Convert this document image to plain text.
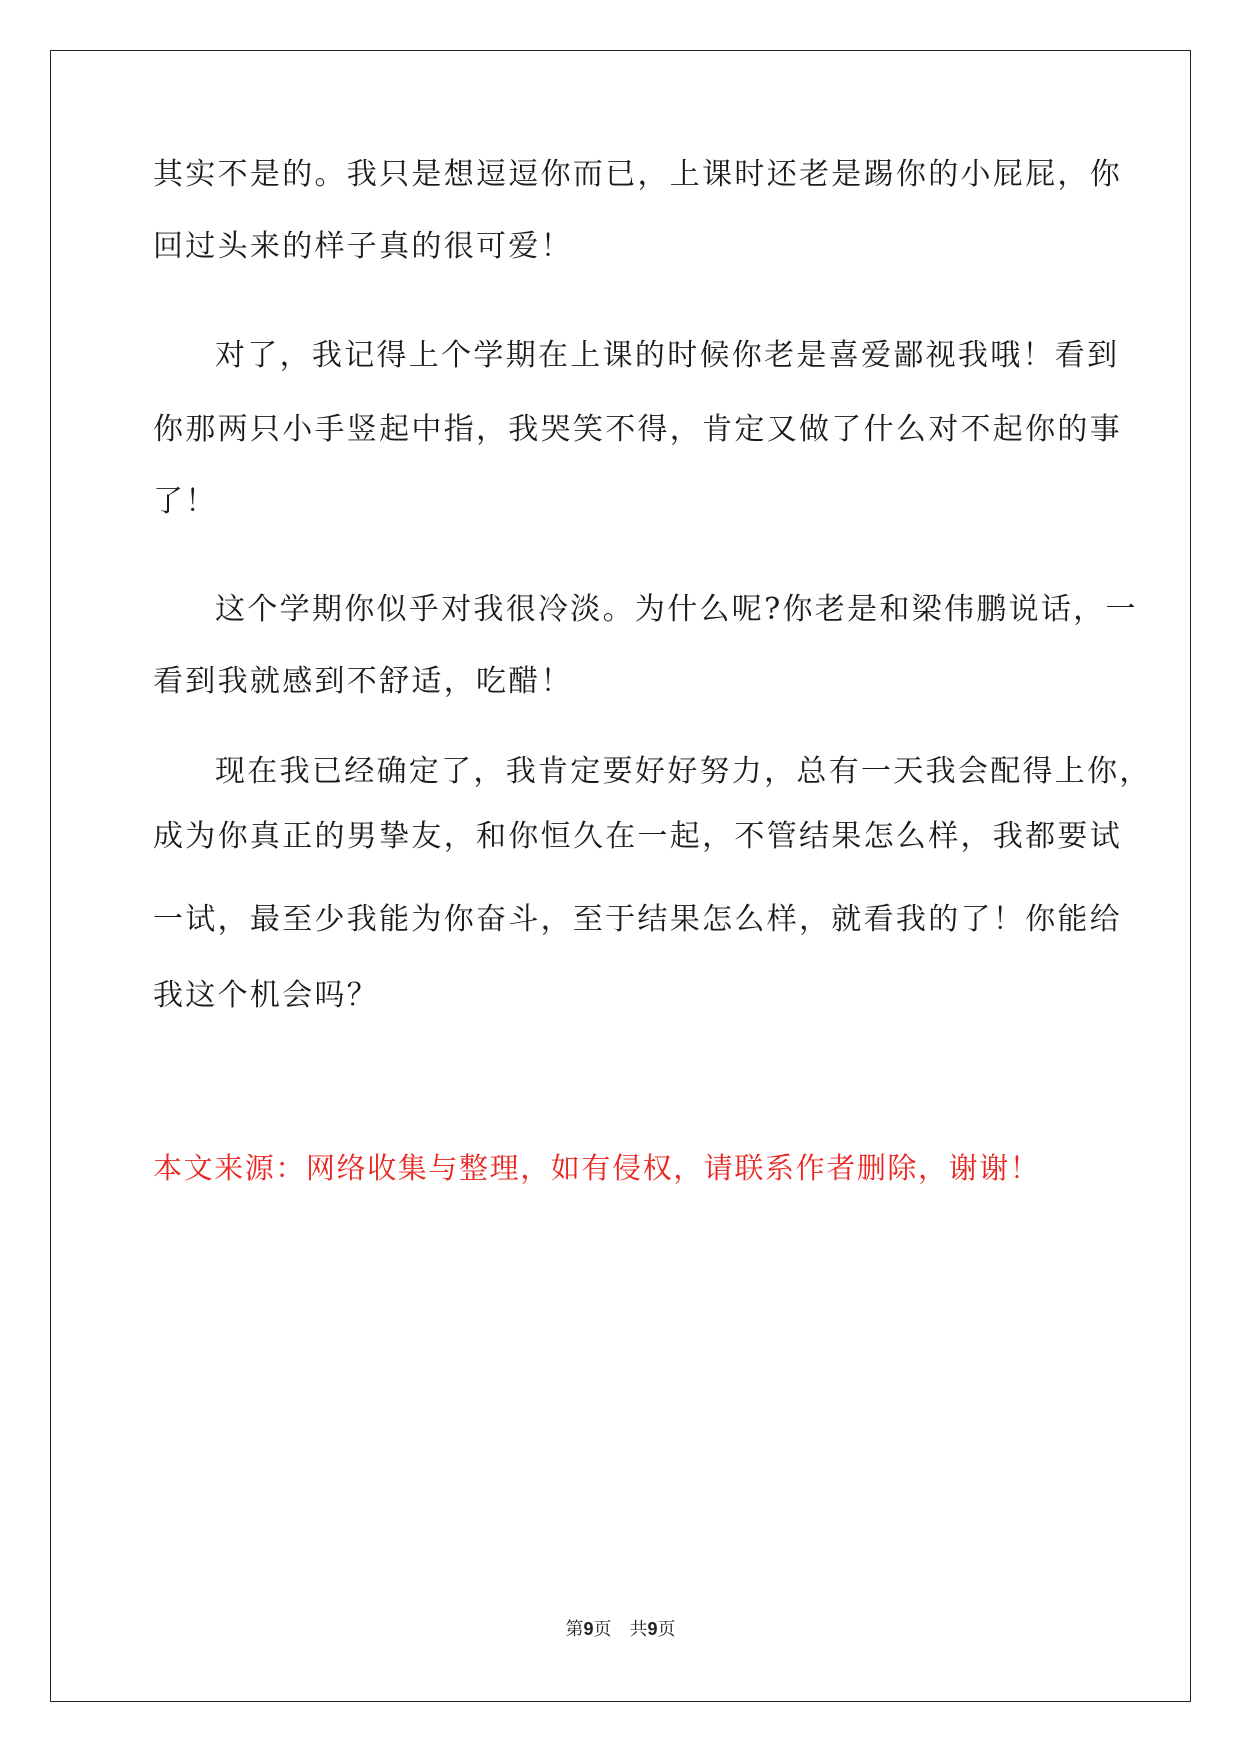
其实不是的。我只是想逗逗你而已，上课时还老是踢你的小屁屁，你
回过头来的样子真的很可爱！
对了，我记得上个学期在上课的时候你老是喜爱鄙视我哦！看到
你那两只小手竖起中指，我哭笑不得，肯定又做了什么对不起你的事
了！
这个学期你似乎对我很冷淡。为什么呢?你老是和梁伟鹏说话，一
看到我就感到不舒适，吃醋！
现在我已经确定了，我肯定要好好努力，总有一天我会配得上你，
成为你真正的男挚友，和你恒久在一起，不管结果怎么样，我都要试
一试，最至少我能为你奋斗，至于结果怎么样，就看我的了！你能给
我这个机会吗？
本文来源：网络收集与整理，如有侵权，请联系作者删除，谢谢！
第9页 共9页
